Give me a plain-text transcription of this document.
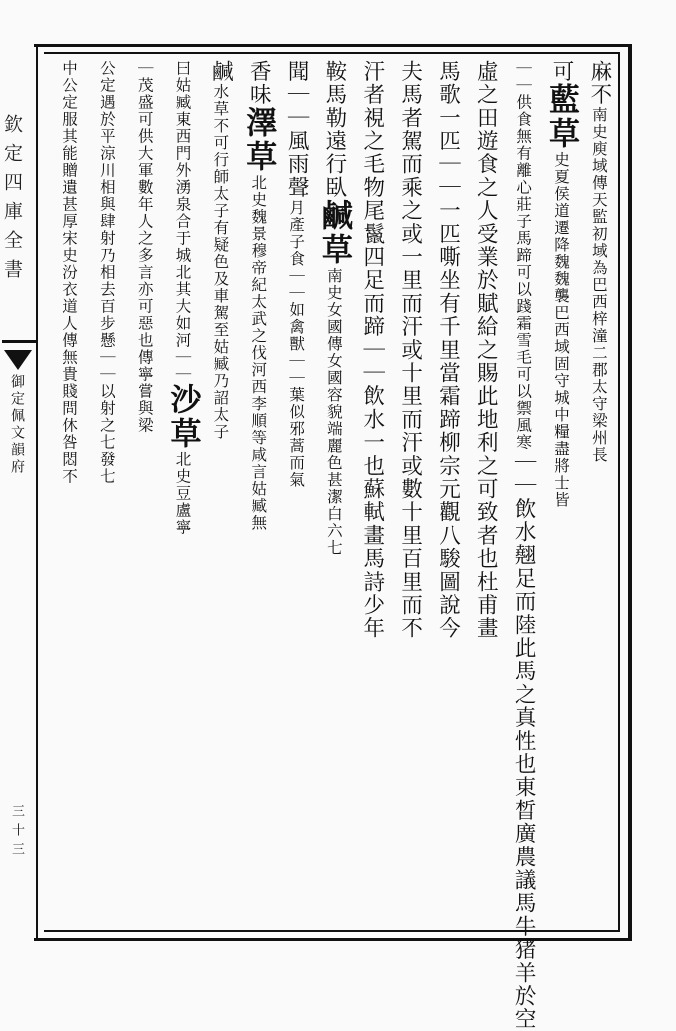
欽定四庫全書
御定佩文韻府
三十三
麻不南史庾域傳天監初域為巴西梓潼二郡太守梁州長
可藍草史夏侯道遷降魏魏襲巴西域固守城中糧盡將士皆
｜｜供食無有離心莊子馬蹄可以踐霜雪毛可以禦風寒｜｜飲水翹足而陸此馬之真性也東晳廣農議馬牛猪羊於空
虛之田遊食之人受業於賦給之賜此地利之可致者也杜甫畫
馬歌一匹｜｜一匹嘶坐有千里當霜蹄柳宗元觀八駿圖說今
夫馬者駕而乘之或一里而汗或十里而汗或數十里百里而不
汗者視之毛物尾鬣四足而蹄｜｜飲水一也蘇軾畫馬詩少年
鞍馬勒遠行臥鹹草南史女國傳女國容貌端麗色甚潔白六七
聞｜｜風雨聲月產子食｜｜如禽獸｜｜葉似邪蒿而氣
香味澤草北史魏景穆帝紀太武之伐河西李順等咸言姑臧無
鹹水草不可行師太子有疑色及車駕至姑臧乃詔太子
曰姑臧東西門外湧泉合于城北其大如河｜｜沙草北史豆盧寧
｜茂盛可供大軍數年人之多言亦可惡也傳寧嘗與梁
公定遇於平涼川相與肆射乃相去百步懸｜｜以射之七發七
中公定服其能贈遺甚厚宋史汾衣道人傳無貴賤問休咎悶不
